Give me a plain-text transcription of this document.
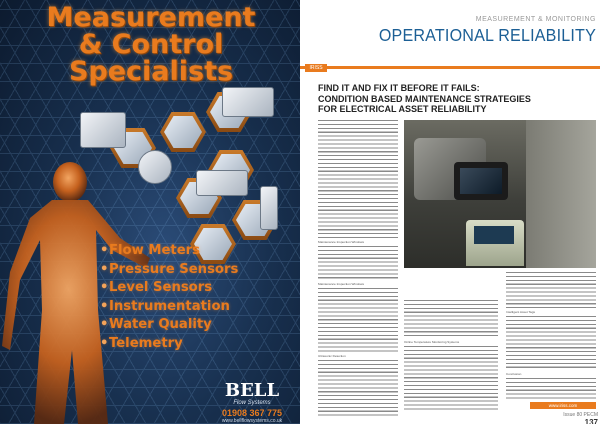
Measurement
& Control
Specialists
•Flow Meters
•Pressure Sensors
•Level Sensors
•Instrumentation
•Water Quality
•Telemetry
BELL
Flow Systems
01908 367 775
www.bellflowsystems.co.uk
MEASUREMENT & MONITORING
OPERATIONAL RELIABILITY
IRISS
FIND IT AND FIX IT BEFORE IT FAILS:
CONDITION BASED MAINTENANCE STRATEGIES
FOR ELECTRICAL ASSET RELIABILITY
Maintenance Inspection Windows
Maintenance Inspection Windows
Ultrasonic Detection
Online Temperature Monitoring Systems
Intelligent Asset Tags
Conclusion
www.iriss.com
Issue 80 PECM 137
